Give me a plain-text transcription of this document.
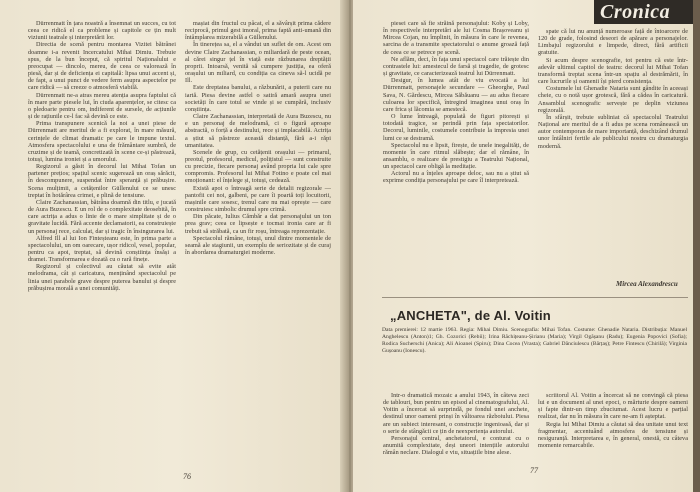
Dürrenmatt în țara noastră a însemnat un succes, cu tot ceea ce ridică el ca probleme și capitole ce țin mult viziunii teatrale și interpretării lor.

Directia de scenă pentru montarea Vizitei bătrânei doamne i-a revenit Incercatului Mihai Dimiu. Trebuie spus, de la bun început, că spiritul Naționalului e preocupat — dincolo, mereu, de ceea ce valorează în piesă, dar și de deficiența ei capitală: lipsa unui accent și, de fapt, a unui punct de vedere ferm asupra aspectelor pe care ridică — să creeze o atmosferă viabilă.

Dürrenmatt ne-a atras mereu atenția asupra faptului că în mare parte piesele lui, în ciuda aparențelor, se citesc ca o pledoarie pentru om, indiferent de sursele, de acțiunile și de rațiunile ce-l fac să devină ce este.

Prima transpunere scenică la noi a unei piese de Dürrenmatt are meritul de a fi explorat, în mare măsură, cerințele de climat dramatic pe care le impune textul. Atmosfera spectacolului e una de frământare sumbră, de cruzime și de teamă, concretizată în scene ce-și păstrează, totuși, lumina ironiei și a umorului.

Regizorul a găsit în decorul lui Mihai Tofan un partener prețios; spațiul scenic sugerează un oraș sărăcit, în descompunere, suspendat între speranță și prăbușire. Scena mulțimii, a cetățenilor Güllenului ce se unesc treptat în hotărârea crimei, e plină de tensiune.

Claire Zachanassian, bătrâna doamnă din titlu, e jucată de Aura Buzescu. E un rol de o complexitate deosebită, în care actrița a adus o linie de o mare simplitate și de o gravitate lucidă. Fără accente declamatorii, ea construiește un personaj rece, calculat, dar și tragic în însingurarea lui.

Alfred Ill al lui Ion Finteșteanu este, în prima parte a spectacolului, un om oarecare, ușor ridicol, vesel, popular, pentru ca apoi, treptat, să devină conștiința însăși a dramei. Transformarea e dozată cu o rară finețe.

Regizorul și colectivul au căutat să evite atât melodrama, cât și caricatura, menținând spectacolul pe linia unei parabole grave despre puterea banului și despre prăbușirea morală a unei comunități.

mașiat din fructul cu pâcat, el a săvârșit prima cădere reciprocă, primul gest imoral, prima faptă anti-umană din întâmplarea mizerabilă a Güllenului.

În tinerețea sa, el a vândut un suflet de om. Acest om devine Claire Zachanassian, o miliardară de peste ocean, al cărei singur țel în viață este răzbunarea dreptății proprii. Intoarsă, venită să cumpere justiția, ea oferă orașului un miliard, cu condiția ca cineva să-l ucidă pe Ill.

Este dreptatea banului, a răzbunării, a puterii care nu iartă. Piesa devine astfel o satiră amară asupra unei societăți în care totul se vinde și se cumpără, inclusiv conștiința.

Claire Zachanassian, interpretată de Aura Buzescu, nu e un personaj de melodramă, ci o figură aproape abstractă, o forță a destinului, rece și implacabilă. Actrița a știut să păstreze această distanță, fără a-i răpi umanitatea.

Scenele de grup, cu cetățenii orașului — primarul, preotul, profesorul, medicul, polițistul — sunt construite cu precizie, fiecare personaj având propria lui cale spre compromis. Profesorul lui Mihai Fotino e poate cel mai emoționant: el înțelege și, totuși, cedează.

Există apoi o întreagă serie de detalii regizorale — pantofii cei noi, galbeni, pe care îi poartă toți locuitorii, mașinile care sosesc, trenul care nu mai oprește — care construiesc simbolic drumul spre crimă.

Din păcate, Iulius Cămbăr a dat personajului un ton prea grav; ceea ce lipsește e tocmai ironia care ar fi trebuit să străbată, ca un fir roșu, întreaga reprezentație.

Spectacolul rămâne, totuși, unul dintre momentele de seamă ale stagiunii, un exemplu de seriozitate și de curaj în abordarea dramaturgiei moderne.

76
Cronica

piesei care să fie străină personajului: Koby și Loby, în respectivele interpretări ale lui Cosma Brașoveanu și Mircea Cojan, nu împlinit, în măsura în care le revenea, sarcina de a transmite spectatorului o anume groază față de ceea ce se petrece pe scenă.

Ne aflăm, deci, în fața unui spectacol care trăiește din contrastele lui: amestecul de farsă și tragedie, de grotesc și gravitate, ce caracterizează teatrul lui Dürrenmatt.

Desigur, în lumea atât de viu evocată a lui Dürrenmatt, personajele secundare — Gheorghe, Paul Sava, N. Gărdescu, Mircea Săbăuanu — au adus fiecare culoarea lor specifică, întregind imaginea unui oraș în care frica și lăcomia se amestecă.

O lume întreagă, populată de figuri pitorești și totodată tragice, se perindă prin fața spectatorilor. Decorul, luminile, costumele contribuie la impresia unei lumi ce se destramă.

Spectacolul nu e lipsit, firește, de unele inegalități, de momente în care ritmul slăbește; dar el rămâne, în ansamblu, o realizare de prestigiu a Teatrului Național, un spectacol care obligă la meditație.

Actorul nu a înțeles aproape deloc, sau nu a știut să exprime condiția personajului pe care îl interpretează.

spate că lui nu anunță numeroase față de întoarcere de 120 de grade, folosind deseori de apărare a personajelor. Limbajul regizorului e limpede, direct, fără artificii gratuite.

Si acum despre scenografie, tot pentru că este într-adevăr ultimul capitol de teatru: decorul lui Mihai Tofan transformă treptat scena într-un spațiu al destrămării, în care lucrurile și oamenii își pierd consistența.

Costumele lui Ghenadie Nataria sunt gândite în aceeași cheie, cu o notă ușor grotescă, fără a cădea în caricatură. Ansamblul scenografic servește pe deplin viziunea regizorală.

În sfârșit, trebuie subliniat că spectacolul Teatrului Național are meritul de a fi adus pe scena românească un autor contemporan de mare importanță, deschizând drumul unor întâlniri fertile ale publicului nostru cu dramaturgia modernă.

Mircea Alexandrescu
„ANCHETA", de Al. Voitin
Data premierei: 12 martie 1963. Regia: Mihai Dimiu. Scenografia: Mihai Tofan. Costume: Ghenadie Nataria. Distribuția: Manuel Anghelescu (Anton)1; Gh. Cozorici (Rebii); Irina Răchițeanu-Șirianu (Maria); Virgil Ogășanu (Radu); Eugenia Popovici (Sofia); Rodica Sucherschi (Anica); Ali Aioanei (Spiru); Dina Cocea (Vrasta); Gabriel Dănciulescu (Bărțaș); Petre Fintescu (Chirilă); Virginia Gușoanu (Ionescu).

Intr-o dramatică mozaic a anului 1943, în câteva zeci de tablouri, bun pentru un episod al cinematografului, Al. Voitin a încercat să surprindă, pe fondul unei anchete, destinul unor oameni prinși în vâltoarea războiului. Piesa are un subiect interesant, o construcție ingenioasă, dar și o serie de stângăcii ce țin de neexperiența autorului.

Personajul central, anchetatorul, e conturat cu o anumită complexitate, deși uneori intențiile autorului rămân neclare. Dialogul e viu, situațiile bine alese.

scriitorul Al. Voitin a încercat să ne convingă că piesa lui e un document al unei epoci, o mărturie despre oameni și fapte dintr-un timp zbuciumat. Acest lucru e parțial realizat, dar nu în măsura în care ne-am fi așteptat.

Regia lui Mihai Dimiu a căutat să dea unitate unui text fragmentar, accentuând atmosfera de tensiune și nesiguranță. Interpretarea e, în general, onestă, cu câteva momente remarcabile.

77
